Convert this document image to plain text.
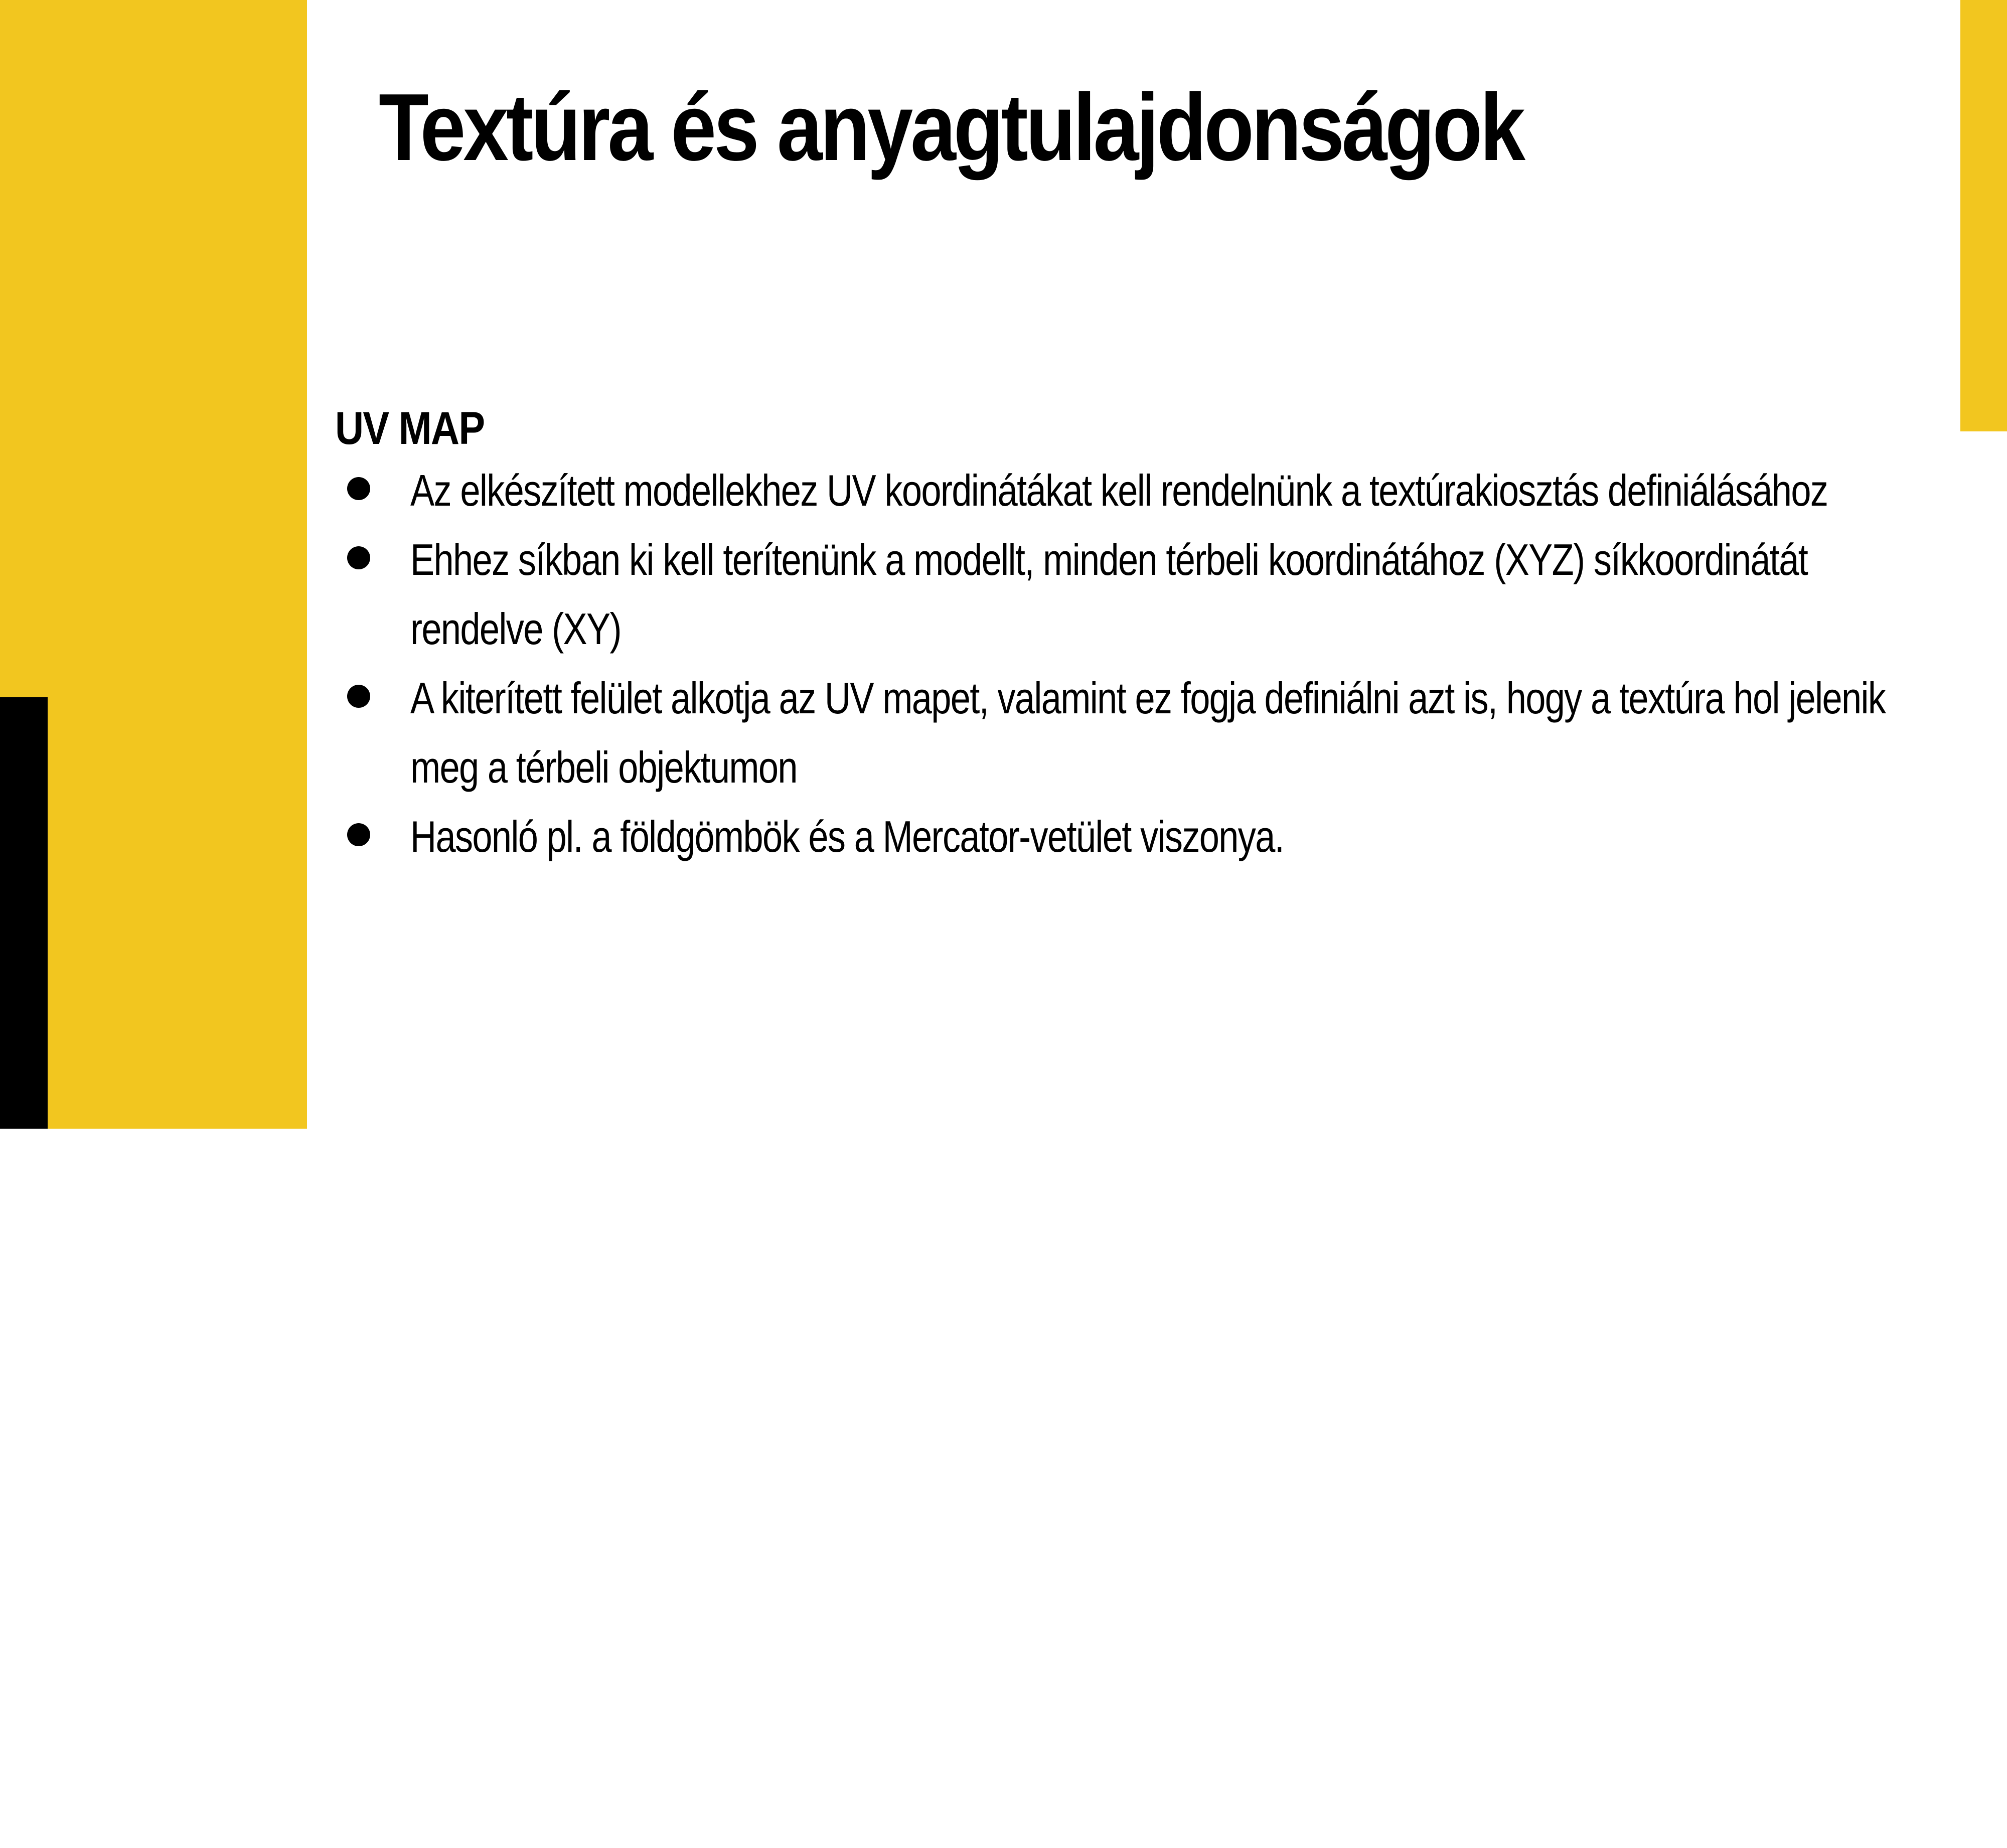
SLIDESMANIA.COM
Textúra és anyagtulajdonságok
UV MAP
Az elkészített modellekhez UV koordinátákat kell rendelnünk a textúrakiosztás definiálásához
Ehhez síkban ki kell terítenünk a modellt, minden térbeli koordinátához (XYZ) síkkoordinátát rendelve (XY)
A kiterített felület alkotja az UV mapet, valamint ez fogja definiálni azt is, hogy a textúra hol jelenik meg a térbeli objektumon
Hasonló pl. a földgömbök és a Mercator-vetület viszonya.
